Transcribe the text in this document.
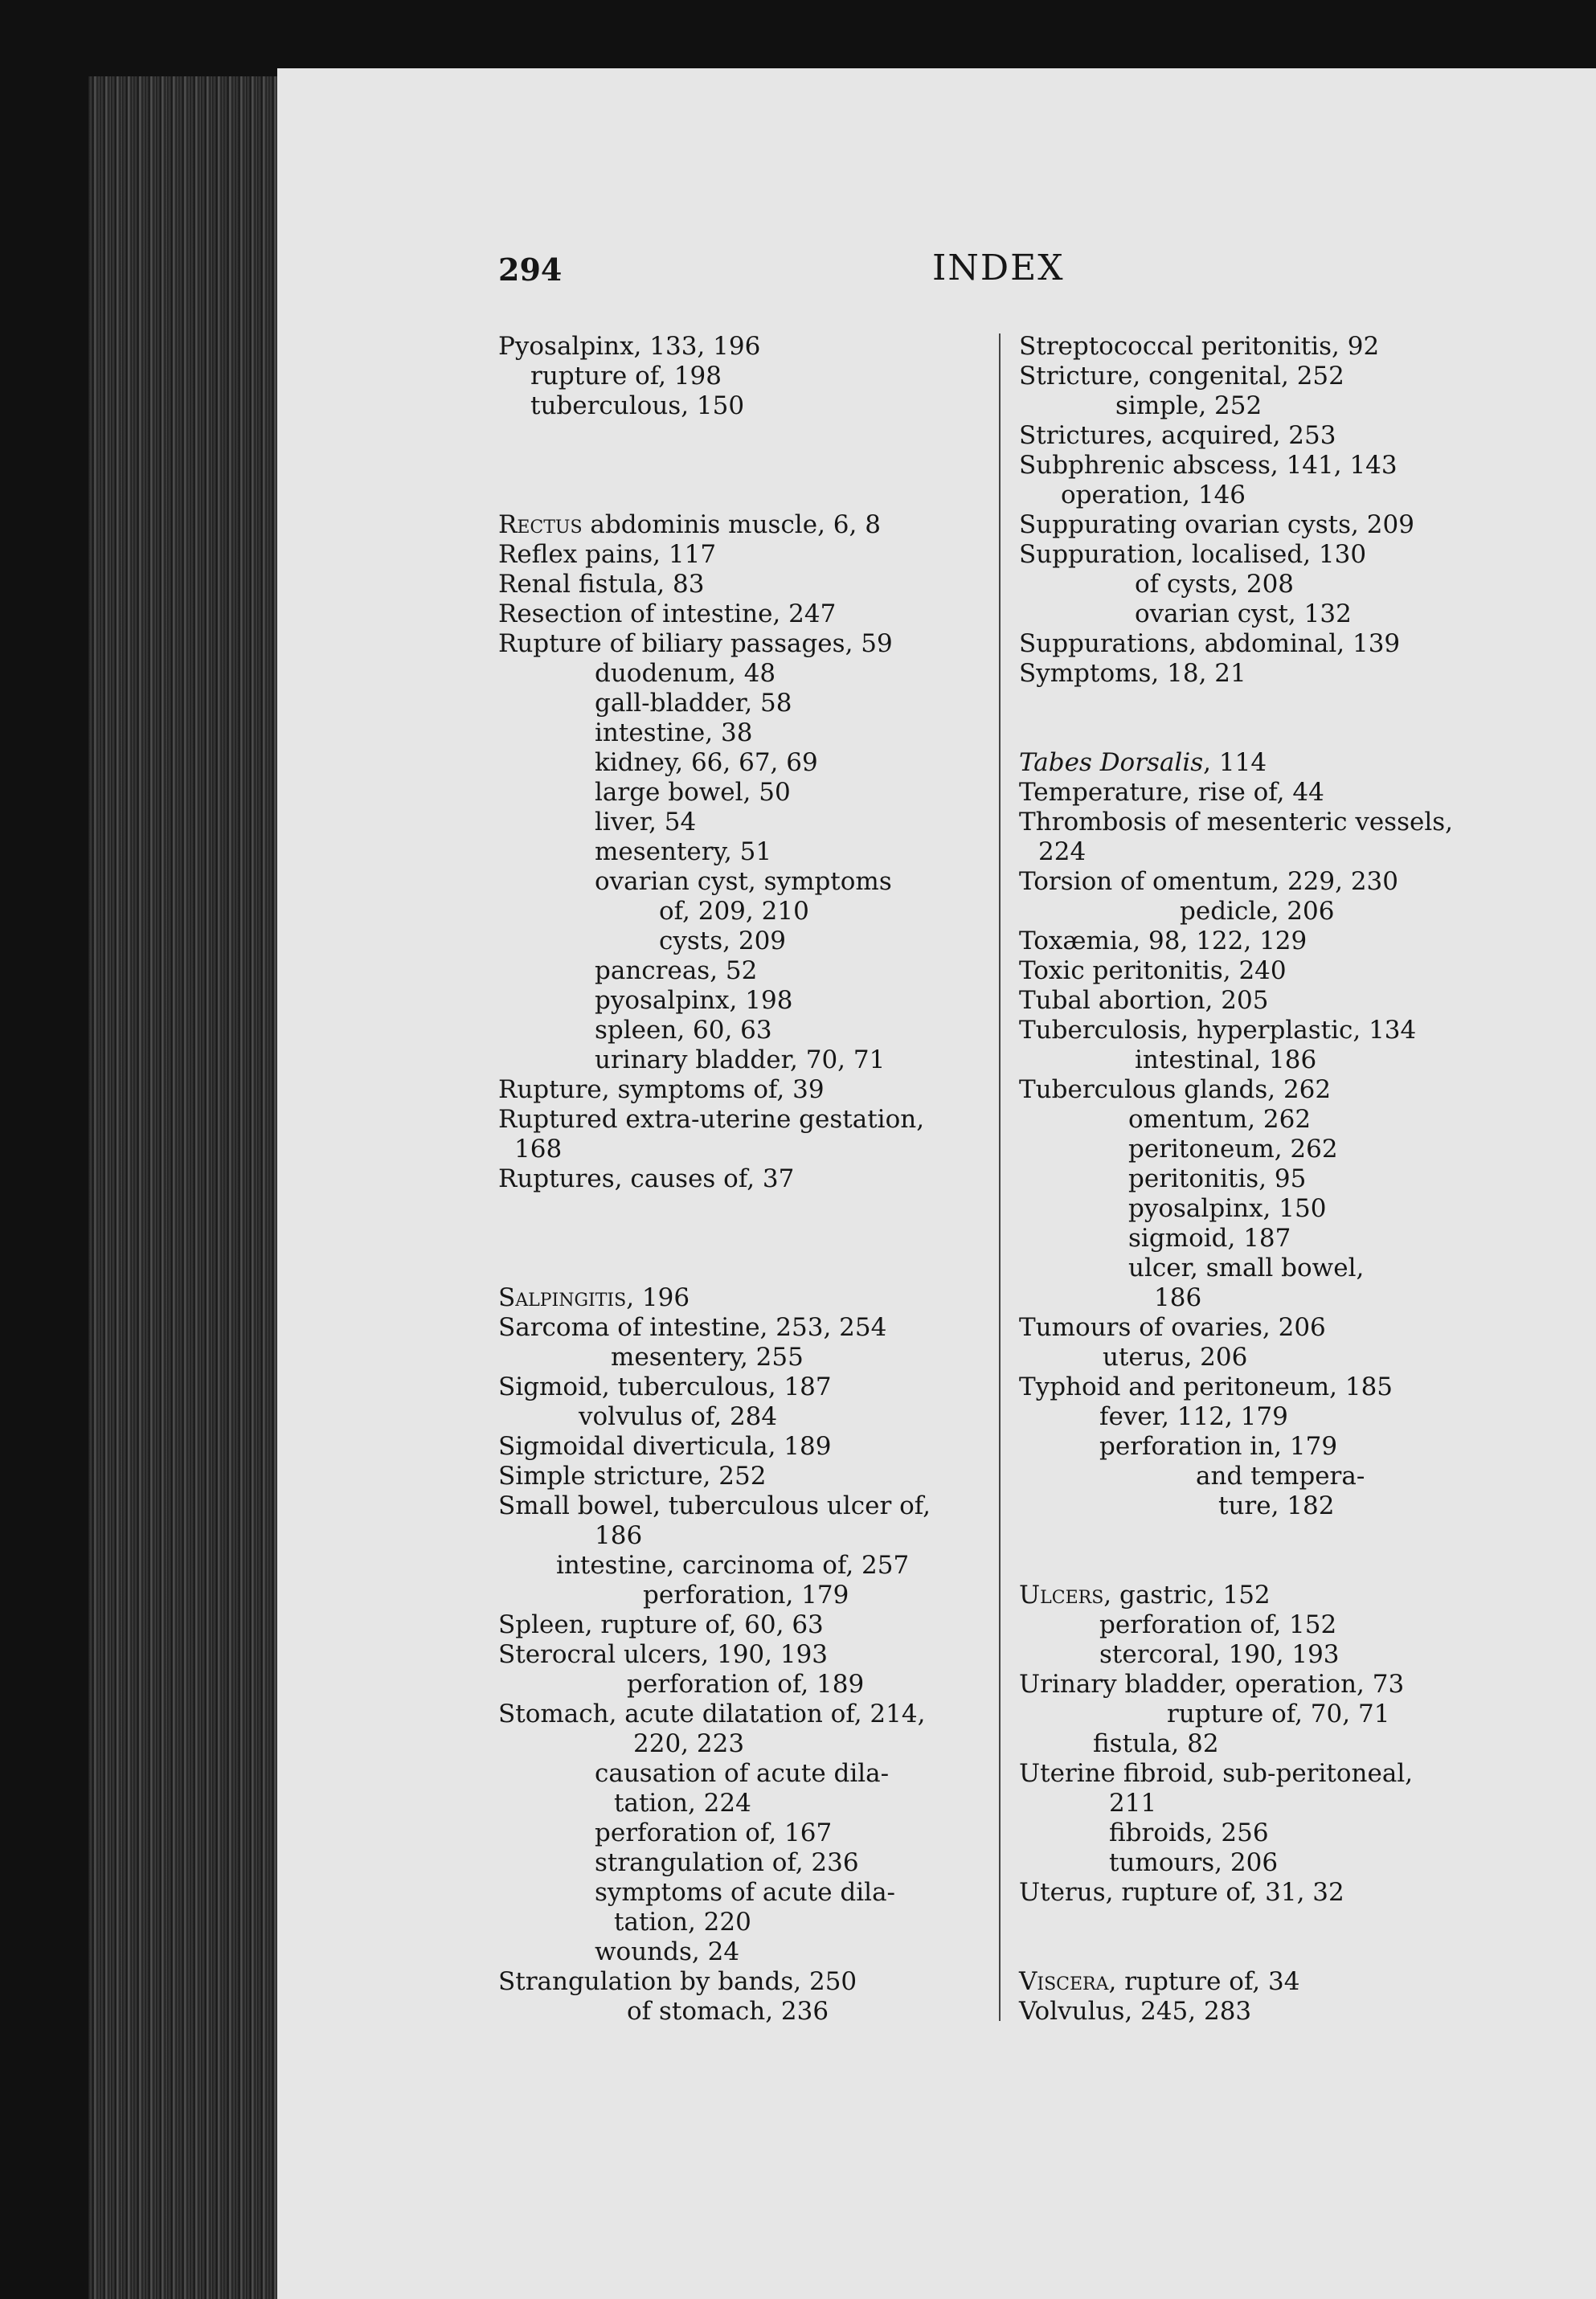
294	INDEX
Pyosalpinx, 133, 196
rupture of, 198
tuberculous, 150
Rectus abdominis muscle, 6, 8
Reflex pains, 117
Renal fistula, 83
Resection of intestine, 247
Rupture of biliary passages, 59
duodenum, 48
gall-bladder, 58
intestine, 38
kidney, 66, 67, 69
large bowel, 50
liver, 54
mesentery, 51
ovarian cyst, symptoms
of, 209, 210
cysts, 209
pancreas, 52
pyosalpinx, 198
spleen, 60, 63
urinary bladder, 70, 71
Rupture, symptoms of, 39
Ruptured extra-uterine gestation,
168
Ruptures, causes of, 37
Salpingitis, 196
Sarcoma of intestine, 253, 254
mesentery, 255
Sigmoid, tuberculous, 187
volvulus of, 284
Sigmoidal diverticula, 189
Simple stricture, 252
Small bowel, tuberculous ulcer of,
186
intestine, carcinoma of, 257
perforation, 179
Spleen, rupture of, 60, 63
Sterocral ulcers, 190, 193
perforation of, 189
Stomach, acute dilatation of, 214,
220, 223
causation of acute dila-
tation, 224
perforation of, 167
strangulation of, 236
symptoms of acute dila-
tation, 220
wounds, 24
Strangulation by bands, 250
of stomach, 236
Streptococcal peritonitis, 92
Stricture, congenital, 252
simple, 252
Strictures, acquired, 253
Subphrenic abscess, 141, 143
operation, 146
Suppurating ovarian cysts, 209
Suppuration, localised, 130
of cysts, 208
ovarian cyst, 132
Suppurations, abdominal, 139
Symptoms, 18, 21
Tabes Dorsalis, 114
Temperature, rise of, 44
Thrombosis of mesenteric vessels,
224
Torsion of omentum, 229, 230
pedicle, 206
Toxæmia, 98, 122, 129
Toxic peritonitis, 240
Tubal abortion, 205
Tuberculosis, hyperplastic, 134
intestinal, 186
Tuberculous glands, 262
omentum, 262
peritoneum, 262
peritonitis, 95
pyosalpinx, 150
sigmoid, 187
ulcer, small bowel,
186
Tumours of ovaries, 206
uterus, 206
Typhoid and peritoneum, 185
fever, 112, 179
perforation in, 179
and tempera-
ture, 182
Ulcers, gastric, 152
perforation of, 152
stercoral, 190, 193
Urinary bladder, operation, 73
rupture of, 70, 71
fistula, 82
Uterine fibroid, sub-peritoneal,
211
fibroids, 256
tumours, 206
Uterus, rupture of, 31, 32
Viscera, rupture of, 34
Volvulus, 245, 283
